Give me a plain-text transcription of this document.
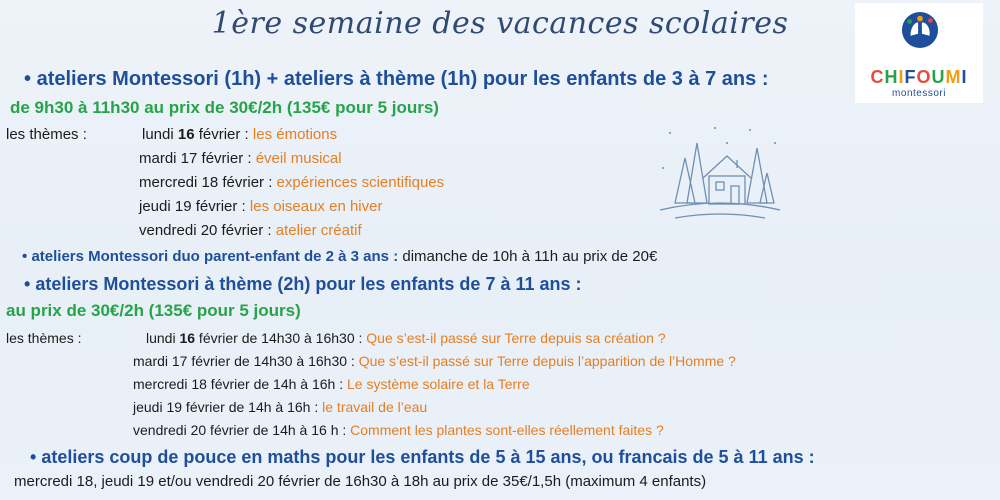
1ère semaine des vacances scolaires
CHIFOUMI
montessori
• ateliers Montessori (1h) + ateliers à thème (1h) pour les enfants de 3 à 7 ans :
de 9h30 à 11h30 au prix de 30€/2h (135€ pour 5 jours)
les thèmes :	lundi 16 février : les émotions
mardi 17 février : éveil musical
mercredi 18 février : expériences scientifiques
jeudi 19 février : les oiseaux en hiver
vendredi 20 février : atelier créatif
• ateliers Montessori duo parent-enfant de 2 à 3 ans : dimanche de 10h à 11h au prix de 20€
• ateliers Montessori à thème (2h) pour les enfants de 7 à 11 ans :
au prix de 30€/2h (135€ pour 5 jours)
les thèmes :	lundi 16 février de 14h30 à 16h30 : Que s’est-il passé sur Terre depuis sa création ?
mardi 17 février de 14h30 à 16h30 : Que s’est-il passé sur Terre depuis l’apparition de l’Homme ?
mercredi 18 février de 14h à 16h : Le système solaire et la Terre
jeudi 19 février de 14h à 16h : le travail de l’eau
vendredi 20 février de 14h à 16 h : Comment les plantes sont-elles réellement faites ?
• ateliers coup de pouce en maths pour les enfants de 5 à 15 ans, ou francais de 5 à 11 ans :
mercredi 18, jeudi 19 et/ou vendredi 20 février de 16h30 à 18h au prix de 35€/1,5h (maximum 4 enfants)
